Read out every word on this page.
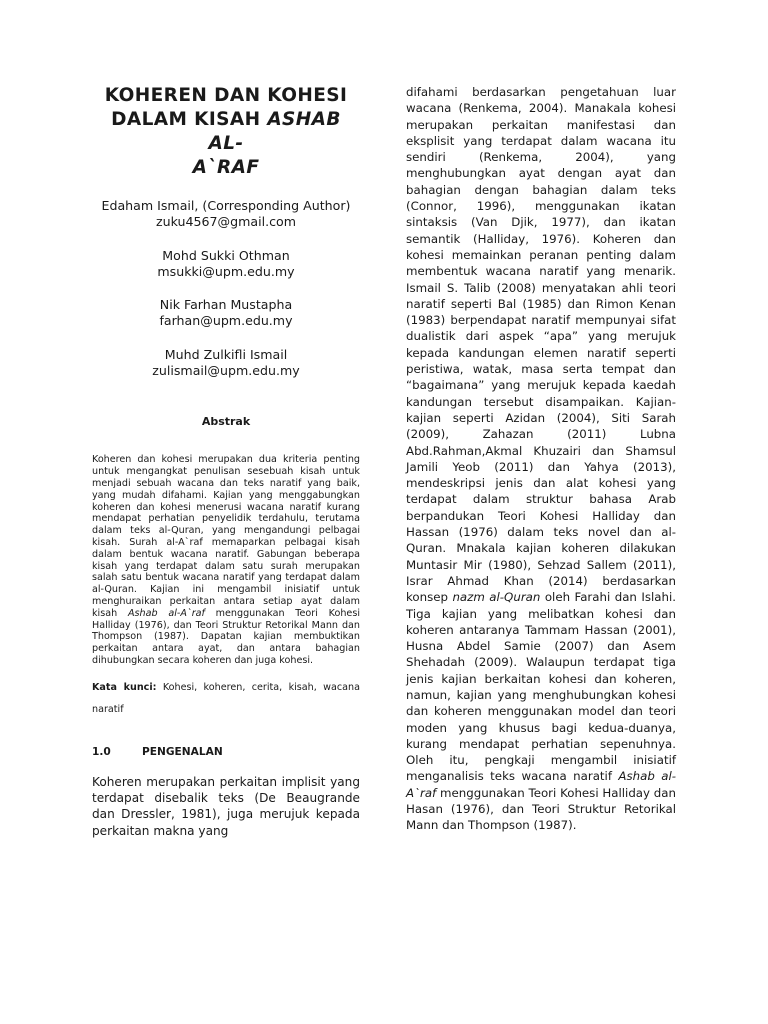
KOHEREN DAN KOHESI
DALAM KISAH ASHAB AL-
A`RAF
Edaham Ismail, (Corresponding Author)
zuku4567@gmail.com
Mohd Sukki Othman
msukki@upm.edu.my
Nik Farhan Mustapha
farhan@upm.edu.my
Muhd Zulkifli Ismail
zulismail@upm.edu.my
Abstrak

Koheren dan kohesi merupakan dua kriteria penting untuk mengangkat penulisan sesebuah kisah untuk menjadi sebuah wacana dan teks naratif yang baik, yang mudah difahami. Kajian yang menggabungkan koheren dan kohesi menerusi wacana naratif kurang mendapat perhatian penyelidik terdahulu, terutama dalam teks al-Quran, yang mengandungi pelbagai kisah. Surah al-A`raf memaparkan pelbagai kisah dalam bentuk wacana naratif. Gabungan beberapa kisah yang terdapat dalam satu surah merupakan salah satu bentuk wacana naratif yang terdapat dalam al-Quran. Kajian ini mengambil inisiatif untuk menghuraikan perkaitan antara setiap ayat dalam kisah Ashab al-A`raf menggunakan Teori Kohesi Halliday (1976), dan Teori Struktur Retorikal Mann dan Thompson (1987). Dapatan kajian membuktikan perkaitan antara ayat, dan antara bahagian dihubungkan secara koheren dan juga kohesi.

Kata kunci: Kohesi, koheren, cerita, kisah, wacana naratif

1.0	PENGENALAN

Koheren merupakan perkaitan implisit yang terdapat disebalik teks (De Beaugrande dan Dressler, 1981), juga merujuk kepada perkaitan makna yang

difahami berdasarkan pengetahuan luar wacana (Renkema, 2004). Manakala kohesi merupakan perkaitan manifestasi dan eksplisit yang terdapat dalam wacana itu sendiri (Renkema, 2004), yang menghubungkan ayat dengan ayat dan bahagian dengan bahagian dalam teks (Connor, 1996), menggunakan ikatan sintaksis (Van Djik, 1977), dan ikatan semantik (Halliday, 1976). Koheren dan kohesi memainkan peranan penting dalam membentuk wacana naratif yang menarik. Ismail S. Talib (2008) menyatakan ahli teori naratif seperti Bal (1985) dan Rimon Kenan (1983) berpendapat naratif mempunyai sifat dualistik dari aspek “apa” yang merujuk kepada kandungan elemen naratif seperti peristiwa, watak, masa serta tempat dan “bagaimana” yang merujuk kepada kaedah kandungan tersebut disampaikan. Kajian-kajian seperti Azidan (2004), Siti Sarah (2009), Zahazan (2011) Lubna Abd.Rahman,Akmal Khuzairi dan Shamsul Jamili Yeob (2011) dan Yahya (2013), mendeskripsi jenis dan alat kohesi yang terdapat dalam struktur bahasa Arab berpandukan Teori Kohesi Halliday dan Hassan (1976) dalam teks novel dan al-Quran. Mnakala kajian koheren dilakukan Muntasir Mir (1980), Sehzad Sallem (2011), Israr Ahmad Khan (2014) berdasarkan konsep nazm al-Quran oleh Farahi dan Islahi. Tiga kajian yang melibatkan kohesi dan koheren antaranya Tammam Hassan (2001), Husna Abdel Samie (2007) dan Asem Shehadah (2009). Walaupun terdapat tiga jenis kajian berkaitan kohesi dan koheren, namun, kajian yang menghubungkan kohesi dan koheren menggunakan model dan teori moden yang khusus bagi kedua-duanya, kurang mendapat perhatian sepenuhnya. Oleh itu, pengkaji mengambil inisiatif menganalisis teks wacana naratif Ashab al-A`raf menggunakan Teori Kohesi Halliday dan Hasan (1976), dan Teori Struktur Retorikal Mann dan Thompson (1987).
